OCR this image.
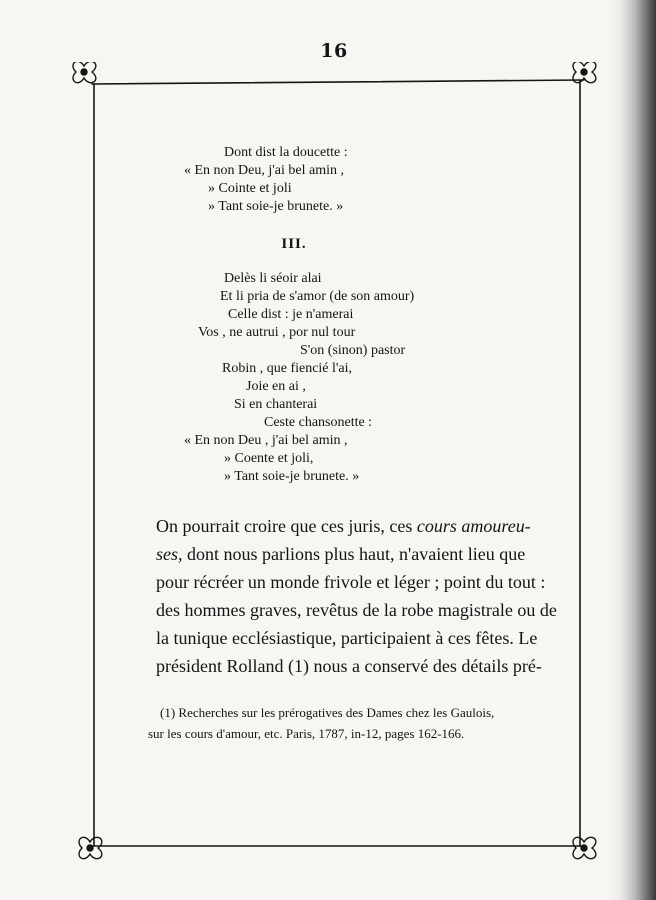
16
Dont dist la doucette :
« En non Deu, j'ai bel amin ,
» Cointe et joli
» Tant soie-je brunete. »
III.
Delès li séoir alai
Et li pria de s'amor (de son amour)
Celle dist : je n'amerai
Vos , ne autrui , por nul tour
S'on (sinon) pastor
Robin , que fiencié l'ai,
Joie en ai ,
Si en chanterai
Ceste chansonette :
« En non Deu , j'ai bel amin ,
» Coente et joli,
» Tant soie-je brunete. »
On pourrait croire que ces juris, ces cours amoureu-
ses, dont nous parlions plus haut, n'avaient lieu que
pour récréer un monde frivole et léger ; point du tout :
des hommes graves, revêtus de la robe magistrale ou de
la tunique ecclésiastique, participaient à ces fêtes. Le
président Rolland (1) nous a conservé des détails pré-
(1) Recherches sur les prérogatives des Dames chez les Gaulois,
sur les cours d'amour, etc. Paris, 1787, in-12, pages 162-166.
